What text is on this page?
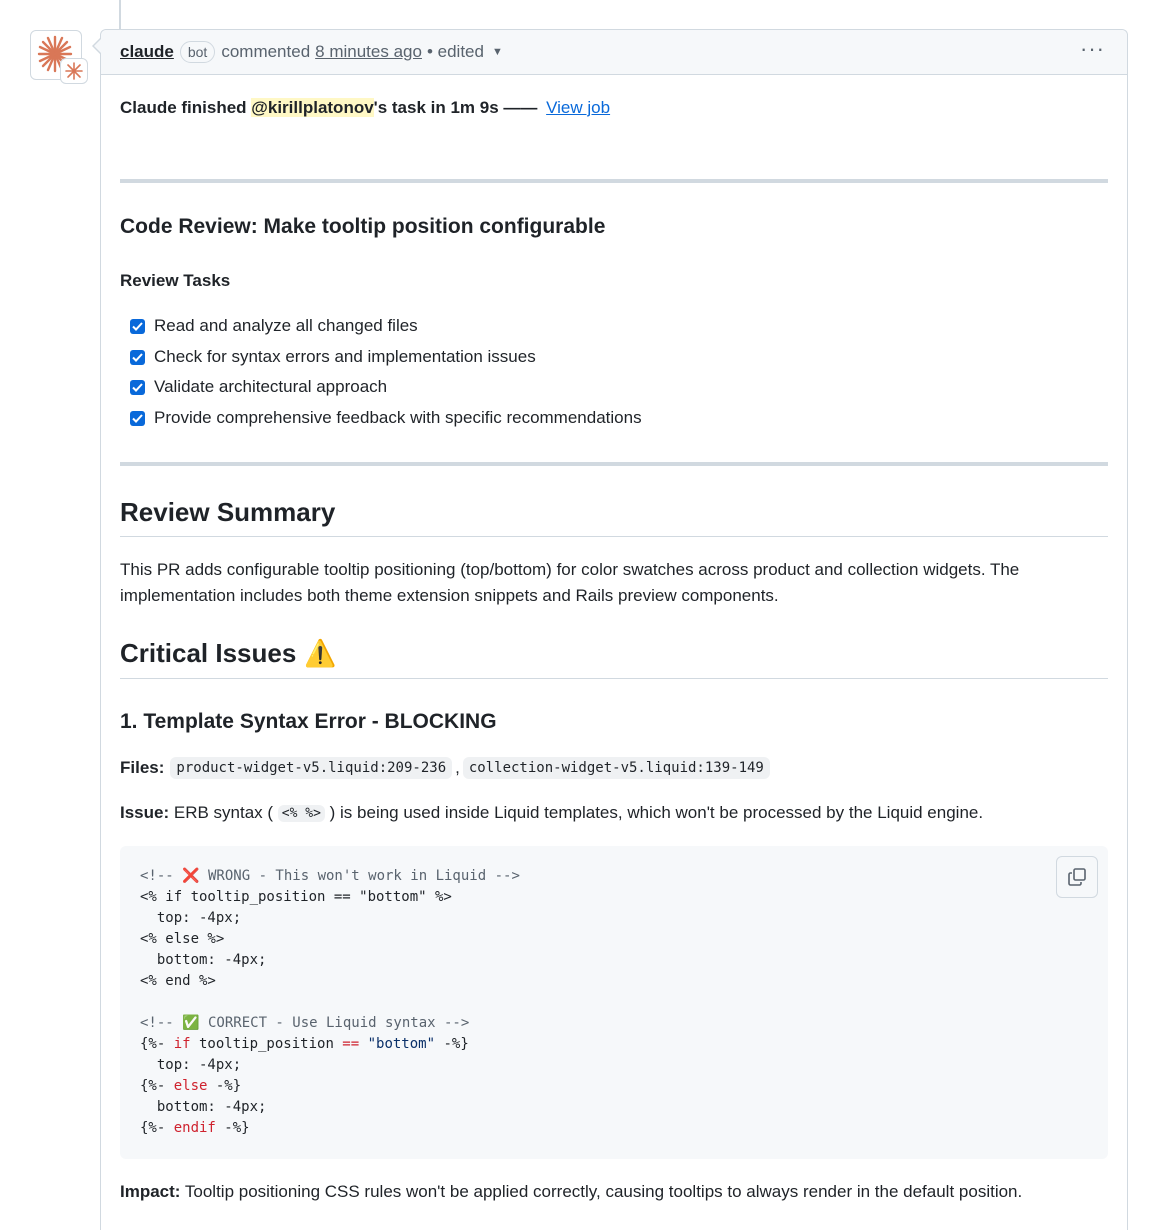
claude	bot commented 8 minutes ago • edited ▼	···
Claude finished @kirillplatonov's task in 1m 9s —— View job
Code Review: Make tooltip position configurable
Review Tasks
Read and analyze all changed files
Check for syntax errors and implementation issues
Validate architectural approach
Provide comprehensive feedback with specific recommendations
Review Summary
This PR adds configurable tooltip positioning (top/bottom) for color swatches across product and collection widgets. The implementation includes both theme extension snippets and Rails preview components.
Critical Issues ⚠️
1. Template Syntax Error - BLOCKING
Files: product-widget-v5.liquid:209-236 , collection-widget-v5.liquid:139-149
Issue: ERB syntax ( <% %> ) is being used inside Liquid templates, which won't be processed by the Liquid engine.
<!-- ❌ WRONG - This won't work in Liquid -->
<% if tooltip_position == "bottom" %>
top: -4px;
<% else %>
bottom: -4px;
<% end %>

<!-- ✅ CORRECT - Use Liquid syntax -->
{%- if tooltip_position == "bottom" -%}
top: -4px;
{%- else -%}
bottom: -4px;
{%- endif -%}
Impact: Tooltip positioning CSS rules won't be applied correctly, causing tooltips to always render in the default position.
